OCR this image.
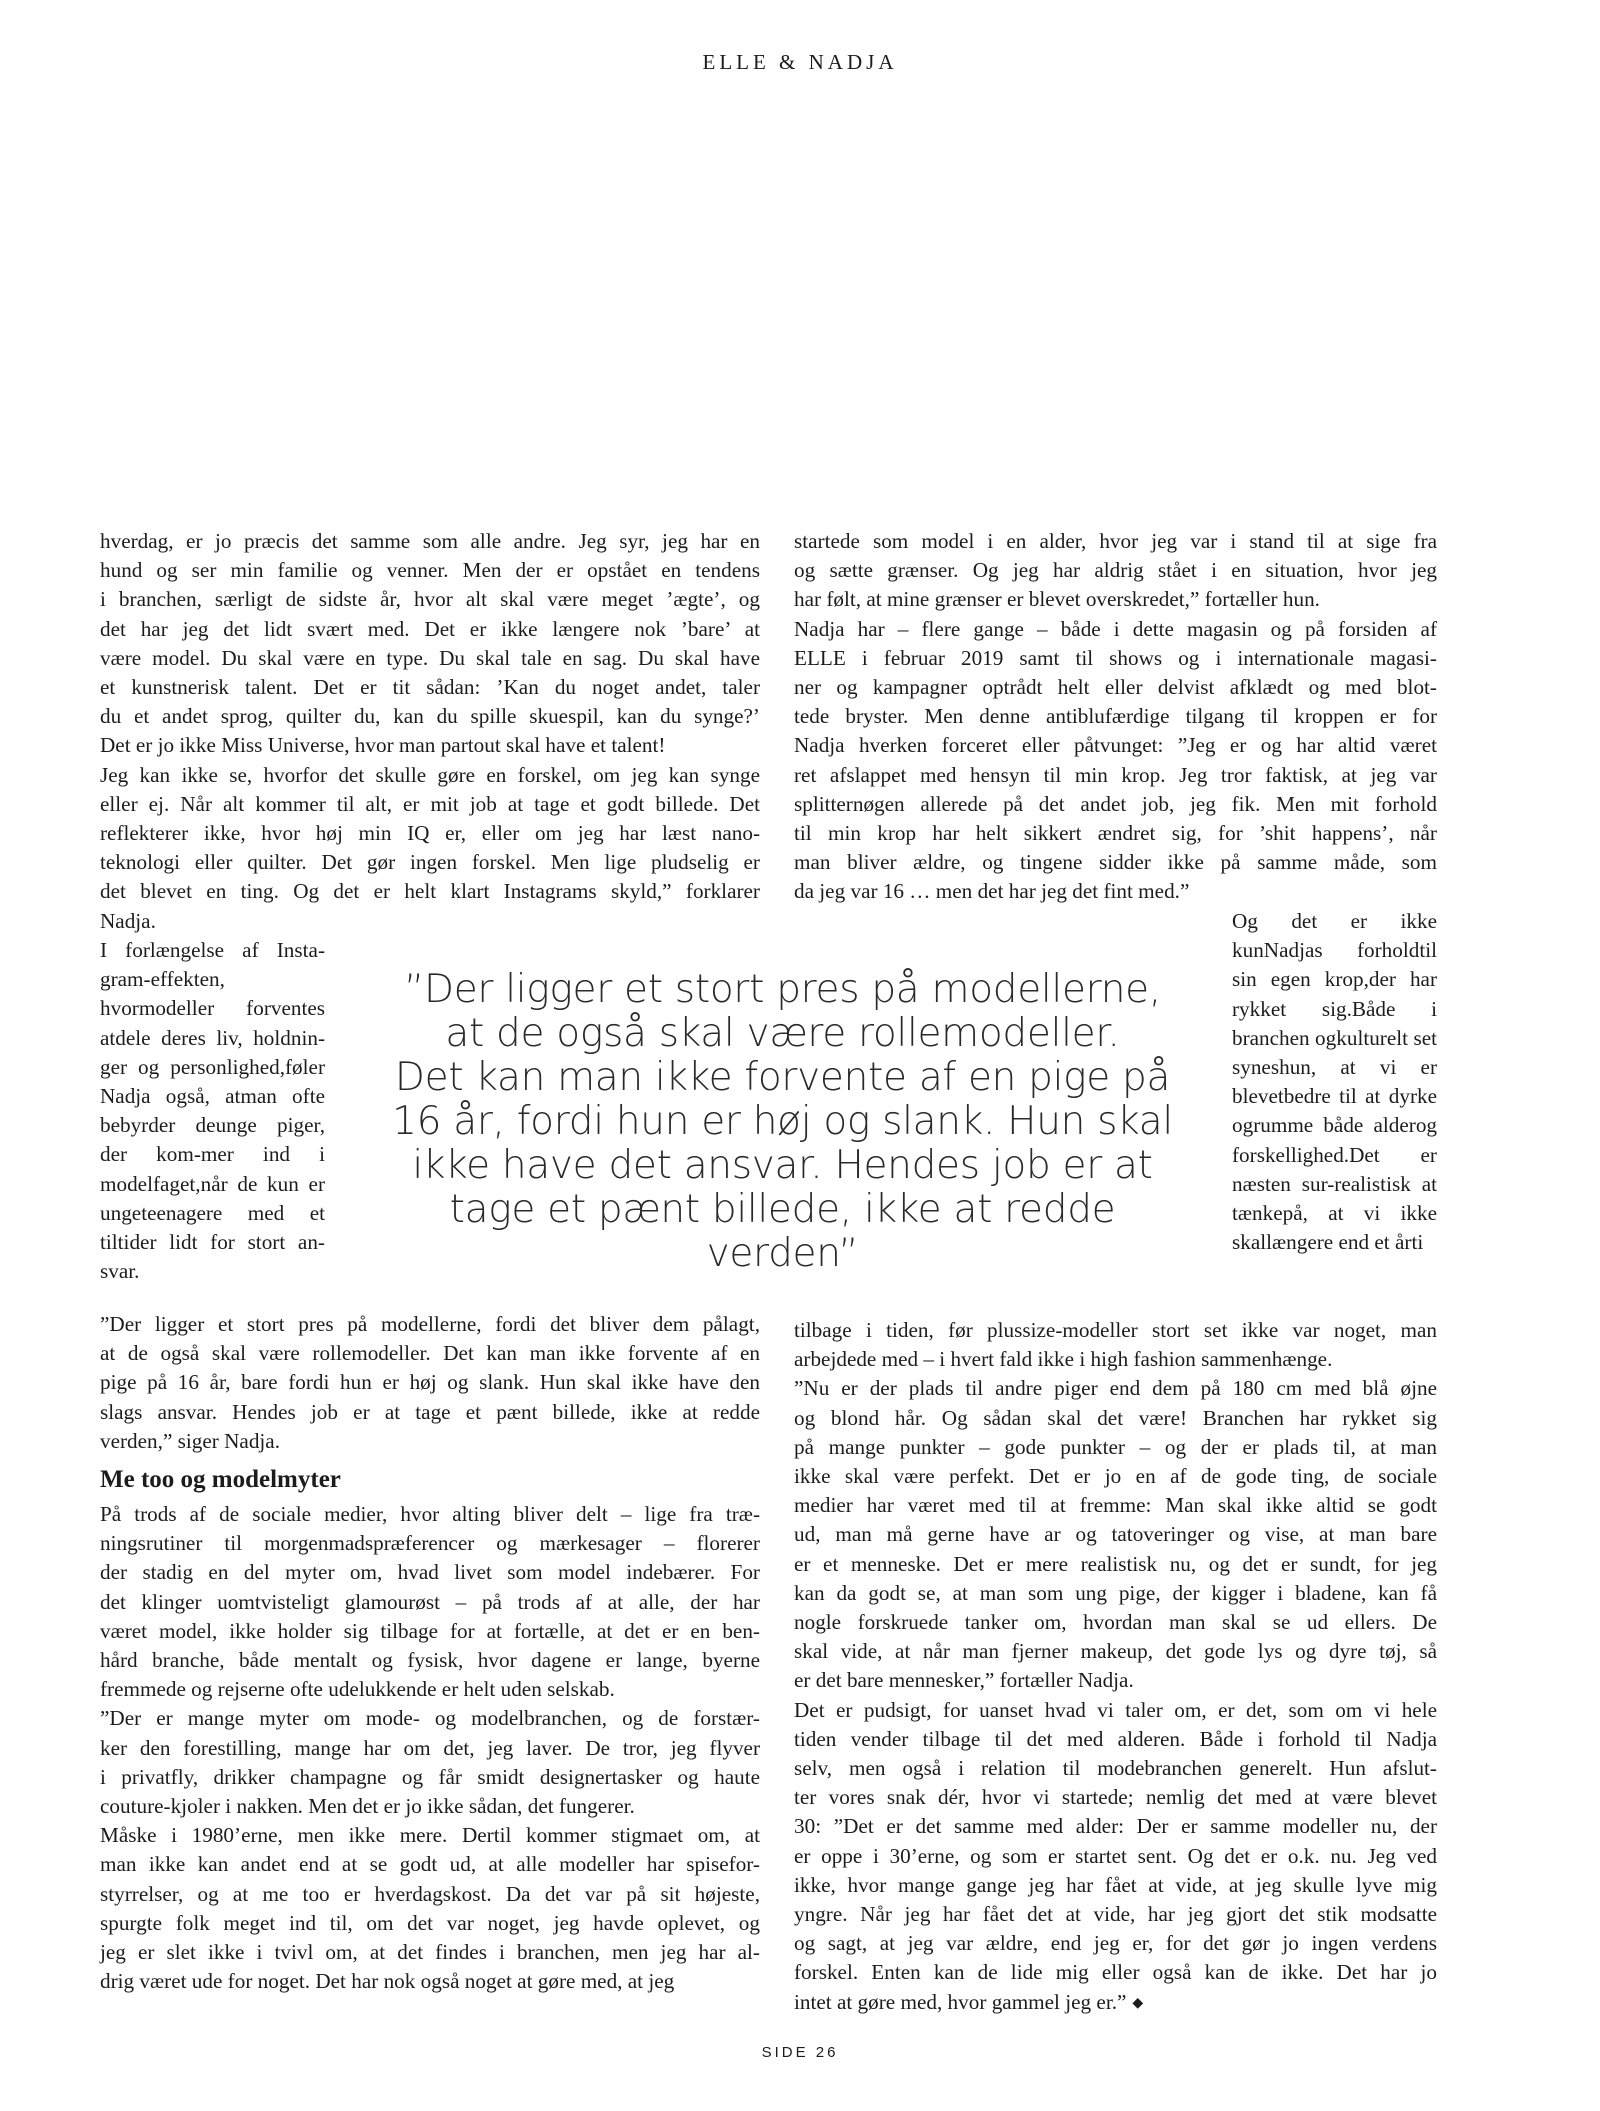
ELLE & NADJA
hverdag, er jo præcis det samme som alle andre. Jeg syr, jeg har en
hund og ser min familie og venner. Men der er opstået en tendens
i branchen, særligt de sidste år, hvor alt skal være meget ’ægte’, og
det har jeg det lidt svært med. Det er ikke længere nok ’bare’ at
være model. Du skal være en type. Du skal tale en sag. Du skal have
et kunstnerisk talent. Det er tit sådan: ’Kan du noget andet, taler
du et andet sprog, quilter du, kan du spille skuespil, kan du synge?’
Det er jo ikke Miss Universe, hvor man partout skal have et talent!
Jeg kan ikke se, hvorfor det skulle gøre en forskel, om jeg kan synge
eller ej. Når alt kommer til alt, er mit job at tage et godt billede. Det
reflekterer ikke, hvor høj min IQ er, eller om jeg har læst nano-
teknologi eller quilter. Det gør ingen forskel. Men lige pludselig er
det blevet en ting. Og det er helt klart Instagrams skyld,” forklarer
Nadja.
I forlængelse af Insta-gram-effekten, hvormodeller forventes atdele deres liv, holdnin-ger og personlighed,føler Nadja også, atman ofte bebyrder deunge piger, der kom-mer ind i modelfaget,når de kun er ungeteenagere med et tiltider lidt for stort an-svar.
”Der ligger et stort pres på modellerne, fordi det bliver dem pålagt,
at de også skal være rollemodeller. Det kan man ikke forvente af en
pige på 16 år, bare fordi hun er høj og slank. Hun skal ikke have den
slags ansvar. Hendes job er at tage et pænt billede, ikke at redde
verden,” siger Nadja.
Me too og modelmyter
På trods af de sociale medier, hvor alting bliver delt – lige fra træ-
ningsrutiner til morgenmadspræferencer og mærkesager – florerer
der stadig en del myter om, hvad livet som model indebærer. For
det klinger uomtvisteligt glamourøst – på trods af at alle, der har
været model, ikke holder sig tilbage for at fortælle, at det er en ben-
hård branche, både mentalt og fysisk, hvor dagene er lange, byerne
fremmede og rejserne ofte udelukkende er helt uden selskab.
”Der er mange myter om mode- og modelbranchen, og de forstær-
ker den forestilling, mange har om det, jeg laver. De tror, jeg flyver
i privatfly, drikker champagne og får smidt designertasker og haute
couture-kjoler i nakken. Men det er jo ikke sådan, det fungerer.
Måske i 1980’erne, men ikke mere. Dertil kommer stigmaet om, at
man ikke kan andet end at se godt ud, at alle modeller har spisefor-
styrrelser, og at me too er hverdagskost. Da det var på sit højeste,
spurgte folk meget ind til, om det var noget, jeg havde oplevet, og
jeg er slet ikke i tvivl om, at det findes i branchen, men jeg har al-
drig været ude for noget. Det har nok også noget at gøre med, at jeg
startede som model i en alder, hvor jeg var i stand til at sige fra
og sætte grænser. Og jeg har aldrig stået i en situation, hvor jeg
har følt, at mine grænser er blevet overskredet,” fortæller hun.
Nadja har – flere gange – både i dette magasin og på forsiden af
ELLE i februar 2019 samt til shows og i internationale magasi-
ner og kampagner optrådt helt eller delvist afklædt og med blot-
tede bryster. Men denne antiblufærdige tilgang til kroppen er for
Nadja hverken forceret eller påtvunget: ”Jeg er og har altid været
ret afslappet med hensyn til min krop. Jeg tror faktisk, at jeg var
splitternøgen allerede på det andet job, jeg fik. Men mit forhold
til min krop har helt sikkert ændret sig, for ’shit happens’, når
man bliver ældre, og tingene sidder ikke på samme måde, som
da jeg var 16 … men det har jeg det fint med.”
Og det er ikke kunNadjas forholdtil sin egen krop,der har rykket sig.Både i branchen ogkulturelt set syneshun, at vi er blevetbedre til at dyrke ogrumme både alderog forskellighed.Det er næsten sur-realistisk at tænkepå, at vi ikke skallængere end et årti
tilbage i tiden, før plussize-modeller stort set ikke var noget, man
arbejdede med – i hvert fald ikke i high fashion sammenhænge.
”Nu er der plads til andre piger end dem på 180 cm med blå øjne
og blond hår. Og sådan skal det være! Branchen har rykket sig
på mange punkter – gode punkter – og der er plads til, at man
ikke skal være perfekt. Det er jo en af de gode ting, de sociale
medier har været med til at fremme: Man skal ikke altid se godt
ud, man må gerne have ar og tatoveringer og vise, at man bare
er et menneske. Det er mere realistisk nu, og det er sundt, for jeg
kan da godt se, at man som ung pige, der kigger i bladene, kan få
nogle forskruede tanker om, hvordan man skal se ud ellers. De
skal vide, at når man fjerner makeup, det gode lys og dyre tøj, så
er det bare mennesker,” fortæller Nadja.
Det er pudsigt, for uanset hvad vi taler om, er det, som om vi hele
tiden vender tilbage til det med alderen. Både i forhold til Nadja
selv, men også i relation til modebranchen generelt. Hun afslut-
ter vores snak dér, hvor vi startede; nemlig det med at være blevet
30: ”Det er det samme med alder: Der er samme modeller nu, der
er oppe i 30’erne, og som er startet sent. Og det er o.k. nu. Jeg ved
ikke, hvor mange gange jeg har fået at vide, at jeg skulle lyve mig
yngre. Når jeg har fået det at vide, har jeg gjort det stik modsatte
og sagt, at jeg var ældre, end jeg er, for det gør jo ingen verdens
forskel. Enten kan de lide mig eller også kan de ikke. Det har jo
intet at gøre med, hvor gammel jeg er.” ◆
”Der ligger et stort pres på modellerne,
at de også skal være rollemodeller.
Det kan man ikke forvente af en pige på
16 år, fordi hun er høj og slank. Hun skal
ikke have det ansvar. Hendes job er at
tage et pænt billede, ikke at redde verden”
SIDE 26
